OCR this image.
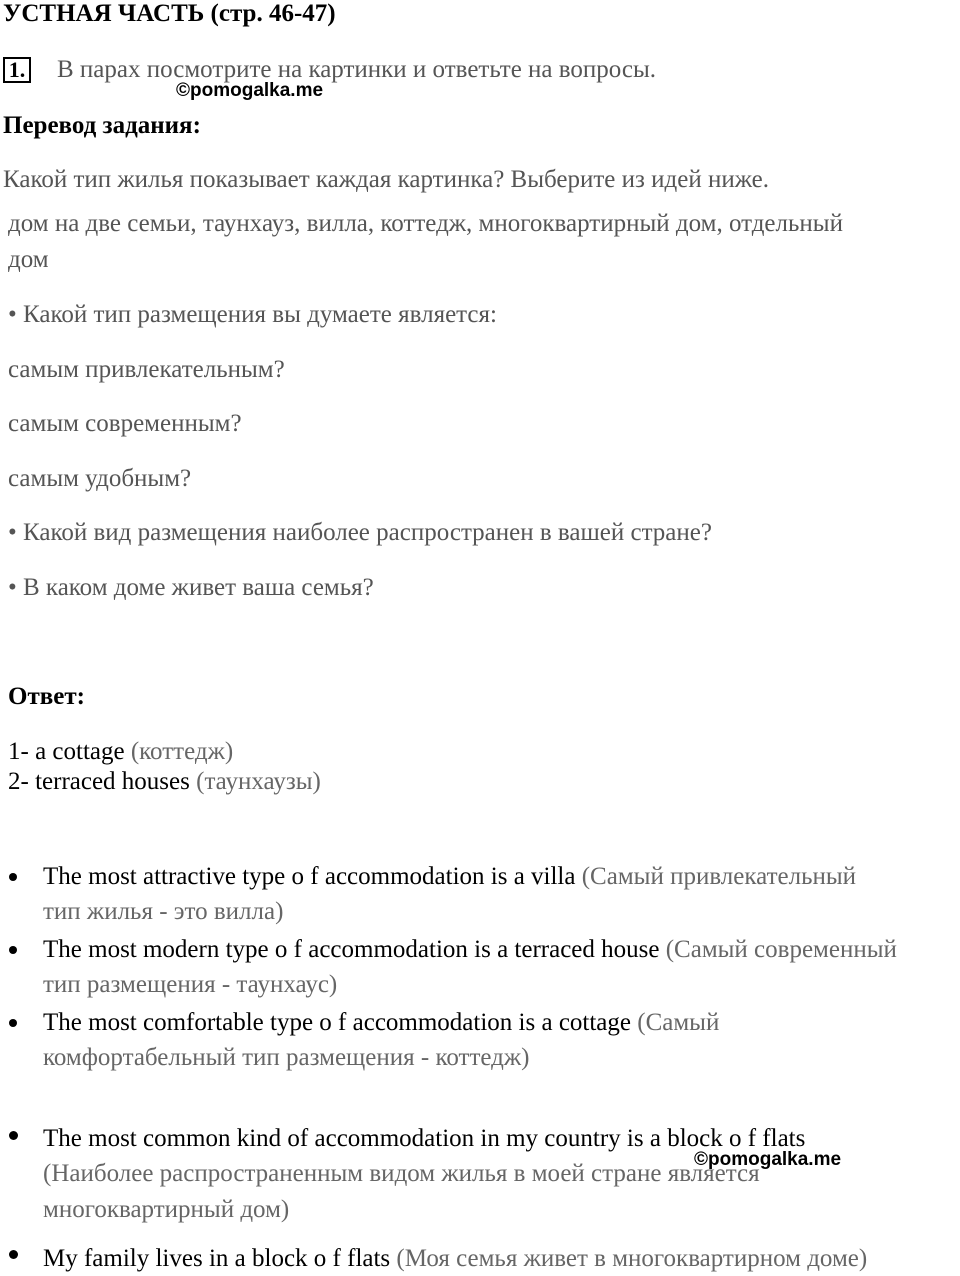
УСТНАЯ ЧАСТЬ (стр. 46-47)
1. В парах посмотрите на картинки и ответьте на вопросы.
©pomogalka.me
Перевод задания:
Какой тип жилья показывает каждая картинка? Выберите из идей ниже.
дом на две семьи, таунхауз, вилла, коттедж, многоквартирный дом, отдельный
дом
• Какой тип размещения вы думаете является:
самым привлекательным?
самым современным?
самым удобным?
• Какой вид размещения наиболее распространен в вашей стране?
• В каком доме живет ваша семья?
Ответ:
1- a cottage (коттедж)
2- terraced houses (таунхаузы)
The most attractive type o f accommodation is a villa (Самый привлекательный
тип жилья - это вилла)
The most modern type o f accommodation is a terraced house (Самый современный
тип размещения - таунхаус)
The most comfortable type o f accommodation is a cottage (Самый
комфортабельный тип размещения - коттедж)
The most common kind of accommodation in my country is a block o f flats
(Наиболее распространенным видом жилья в моей стране является
©pomogalka.me
многоквартирный дом)
My family lives in a block o f flats (Моя семья живет в многоквартирном доме)
